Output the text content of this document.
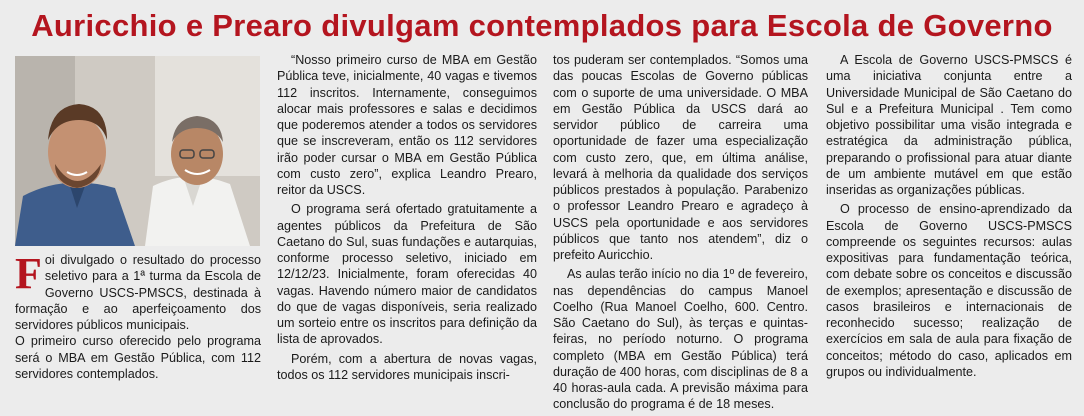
Auricchio e Prearo divulgam contemplados para Escola de Governo
F oi divulgado o resultado do processo seletivo para a 1ª turma da Escola de Governo USCS-PMSCS, destinada à formação e ao aperfeiçoamento dos servidores públicos municipais.

O primeiro curso oferecido pelo programa será o MBA em Gestão Pública, com 112 servidores contemplados.

“Nosso primeiro curso de MBA em Gestão Pública teve, inicialmente, 40 vagas e tivemos 112 inscritos. Internamente, conseguimos alocar mais professores e salas e decidimos que poderemos atender a todos os servidores que se inscreveram, então os 112 servidores irão poder cursar o MBA em Gestão Pública com custo zero”, explica Leandro Prearo, reitor da USCS.

O programa será ofertado gratuitamente a agentes públicos da Prefeitura de São Caetano do Sul, suas fundações e autarquias, conforme processo seletivo, iniciado em 12/12/23. Inicialmente, foram oferecidas 40 vagas. Havendo número maior de candidatos do que de vagas disponíveis, seria realizado um sorteio entre os inscritos para definição da lista de aprovados.

Porém, com a abertura de novas vagas, todos os 112 servidores municipais inscri-

tos puderam ser contemplados. “Somos uma das poucas Escolas de Governo públicas com o suporte de uma universidade. O MBA em Gestão Pública da USCS dará ao servidor público de carreira uma oportunidade de fazer uma especialização com custo zero, que, em última análise, levará à melhoria da qualidade dos serviços públicos prestados à população. Parabenizo o professor Leandro Prearo e agradeço à USCS pela oportunidade e aos servidores públicos que tanto nos atendem”, diz o prefeito Auricchio.

As aulas terão início no dia 1º de fevereiro, nas dependências do campus Manoel Coelho (Rua Manoel Coelho, 600. Centro. São Caetano do Sul), às terças e quintas-feiras, no período noturno. O programa completo (MBA em Gestão Pública) terá duração de 400 horas, com disciplinas de 8 a 40 horas-aula cada. A previsão máxima para conclusão do programa é de 18 meses.

A Escola de Governo USCS-PMSCS é uma iniciativa conjunta entre a Universidade Municipal de São Caetano do Sul e a Prefeitura Municipal . Tem como objetivo possibilitar uma visão integrada e estratégica da administração pública, preparando o profissional para atuar diante de um ambiente mutável em que estão inseridas as organizações públicas.

O processo de ensino-aprendizado da Escola de Governo USCS-PMSCS compreende os seguintes recursos: aulas expositivas para fundamentação teórica, com debate sobre os conceitos e discussão de exemplos; apresentação e discussão de casos brasileiros e internacionais de reconhecido sucesso; realização de exercícios em sala de aula para fixação de conceitos; método do caso, aplicados em grupos ou individualmente.
